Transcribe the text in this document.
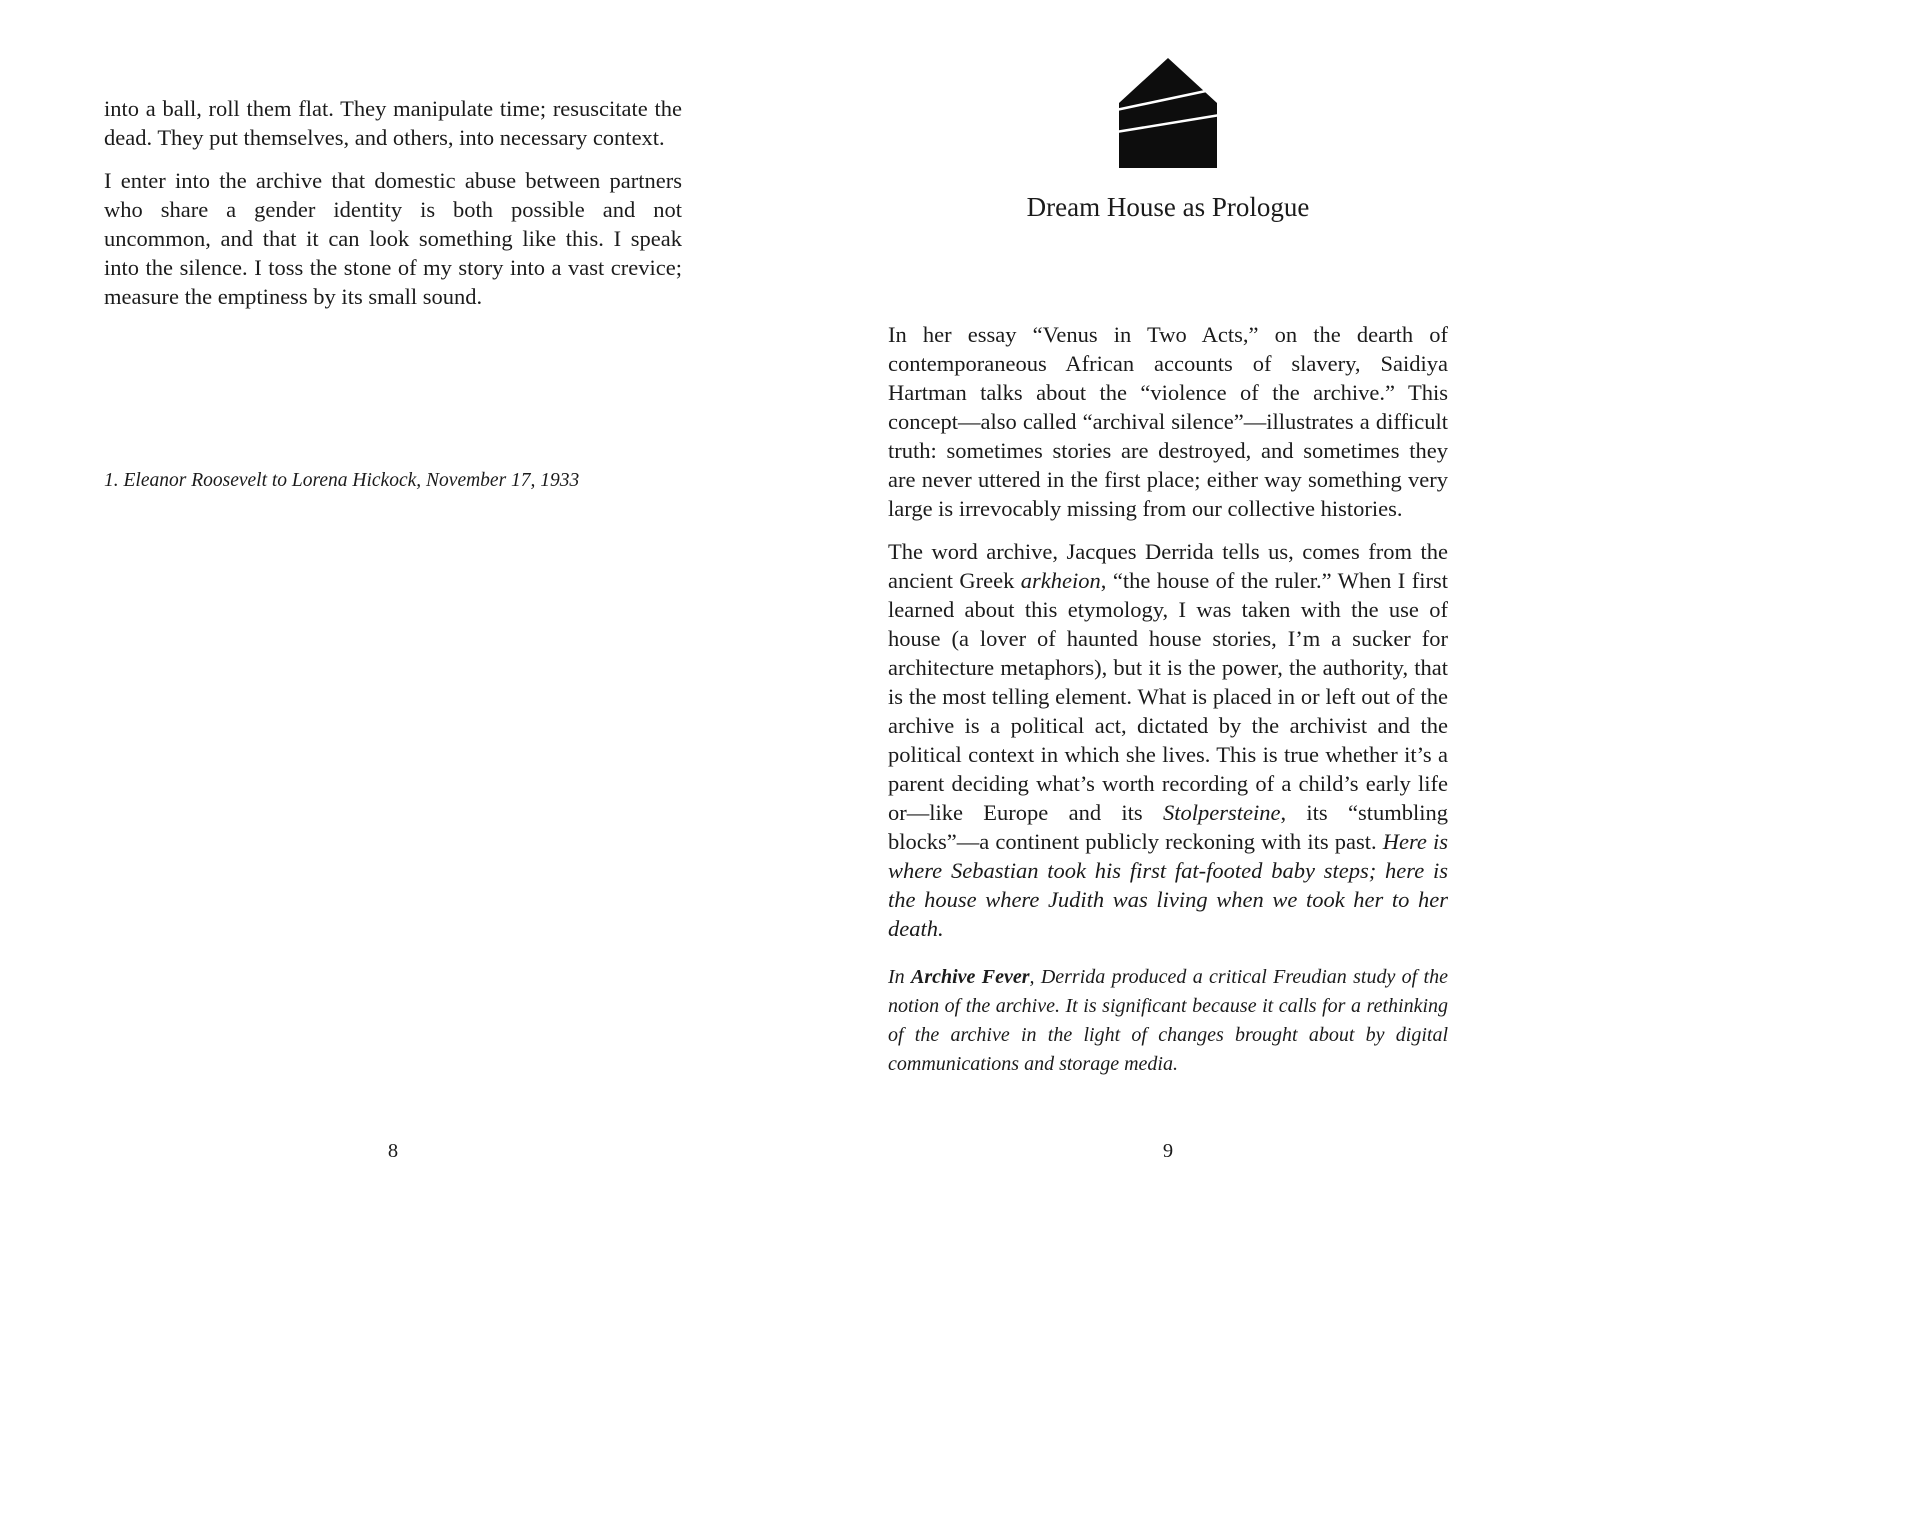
into a ball, roll them flat. They manipulate time; resuscitate the dead. They put themselves, and others, into necessary context.

I enter into the archive that domestic abuse between partners who share a gender identity is both possible and not uncommon, and that it can look something like this. I speak into the silence. I toss the stone of my story into a vast crevice; measure the emptiness by its small sound.

1. Eleanor Roosevelt to Lorena Hickock, November 17, 1933
8
Dream House as Prologue

In her essay “Venus in Two Acts,” on the dearth of contemporaneous African accounts of slavery, Saidiya Hartman talks about the “violence of the archive.” This concept—also called “archival silence”—illustrates a difficult truth: sometimes stories are destroyed, and sometimes they are never uttered in the first place; either way something very large is irrevocably missing from our collective histories.

The word archive, Jacques Derrida tells us, comes from the ancient Greek arkheion, “the house of the ruler.” When I first learned about this etymology, I was taken with the use of house (a lover of haunted house stories, I’m a sucker for architecture metaphors), but it is the power, the authority, that is the most telling element. What is placed in or left out of the archive is a political act, dictated by the archivist and the political context in which she lives. This is true whether it’s a parent deciding what’s worth recording of a child’s early life or—like Europe and its Stolpersteine, its “stumbling blocks”—a continent publicly reckoning with its past. Here is where Sebastian took his first fat-footed baby steps; here is the house where Judith was living when we took her to her death.

In Archive Fever, Derrida produced a critical Freudian study of the notion of the archive. It is significant because it calls for a rethinking of the archive in the light of changes brought about by digital communications and storage media.
9
